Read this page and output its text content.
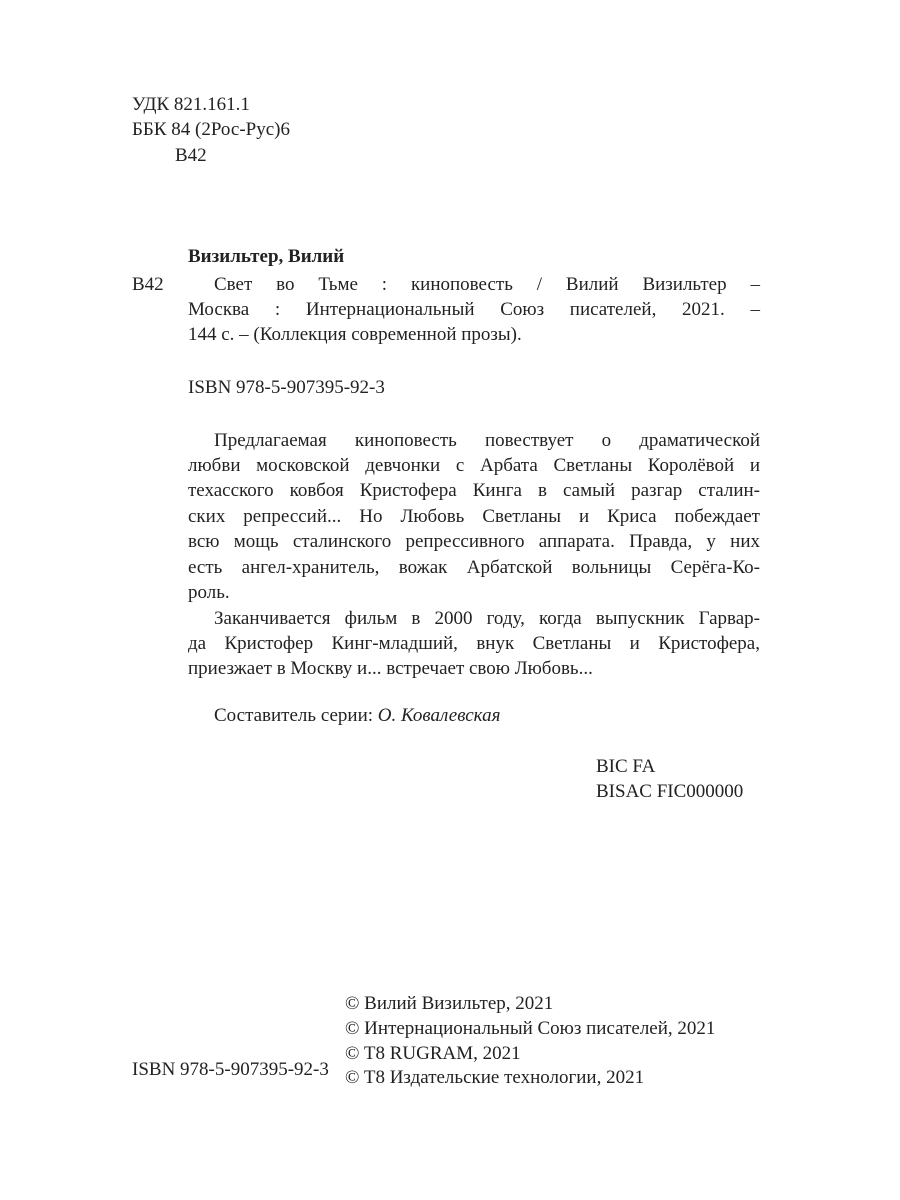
УДК 821.161.1
ББК 84 (2Рос-Рус)6
В42
Визильтер, Вилий
В42	Свет во Тьме : киноповесть / Вилий Визильтер –
Москва : Интернациональный Союз писателей, 2021. –
144 с. – (Коллекция современной прозы).
ISBN 978-5-907395-92-3
Предлагаемая киноповесть повествует о драматической
любви московской девчонки с Арбата Светланы Королёвой и
техасского ковбоя Кристофера Кинга в самый разгар сталин-
ских репрессий... Но Любовь Светланы и Криса побеждает
всю мощь сталинского репрессивного аппарата. Правда, у них
есть ангел-хранитель, вожак Арбатской вольницы Серёга-Ко-
роль.
Заканчивается фильм в 2000 году, когда выпускник Гарвар-
да Кристофер Кинг-младший, внук Светланы и Кристофера,
приезжает в Москву и... встречает свою Любовь...
Составитель серии: О. Ковалевская
BIC FA
BISAC FIC000000
© Вилий Визильтер, 2021
© Интернациональный Союз писателей, 2021
© T8 RUGRAM, 2021
© T8 Издательские технологии, 2021
ISBN 978-5-907395-92-3
